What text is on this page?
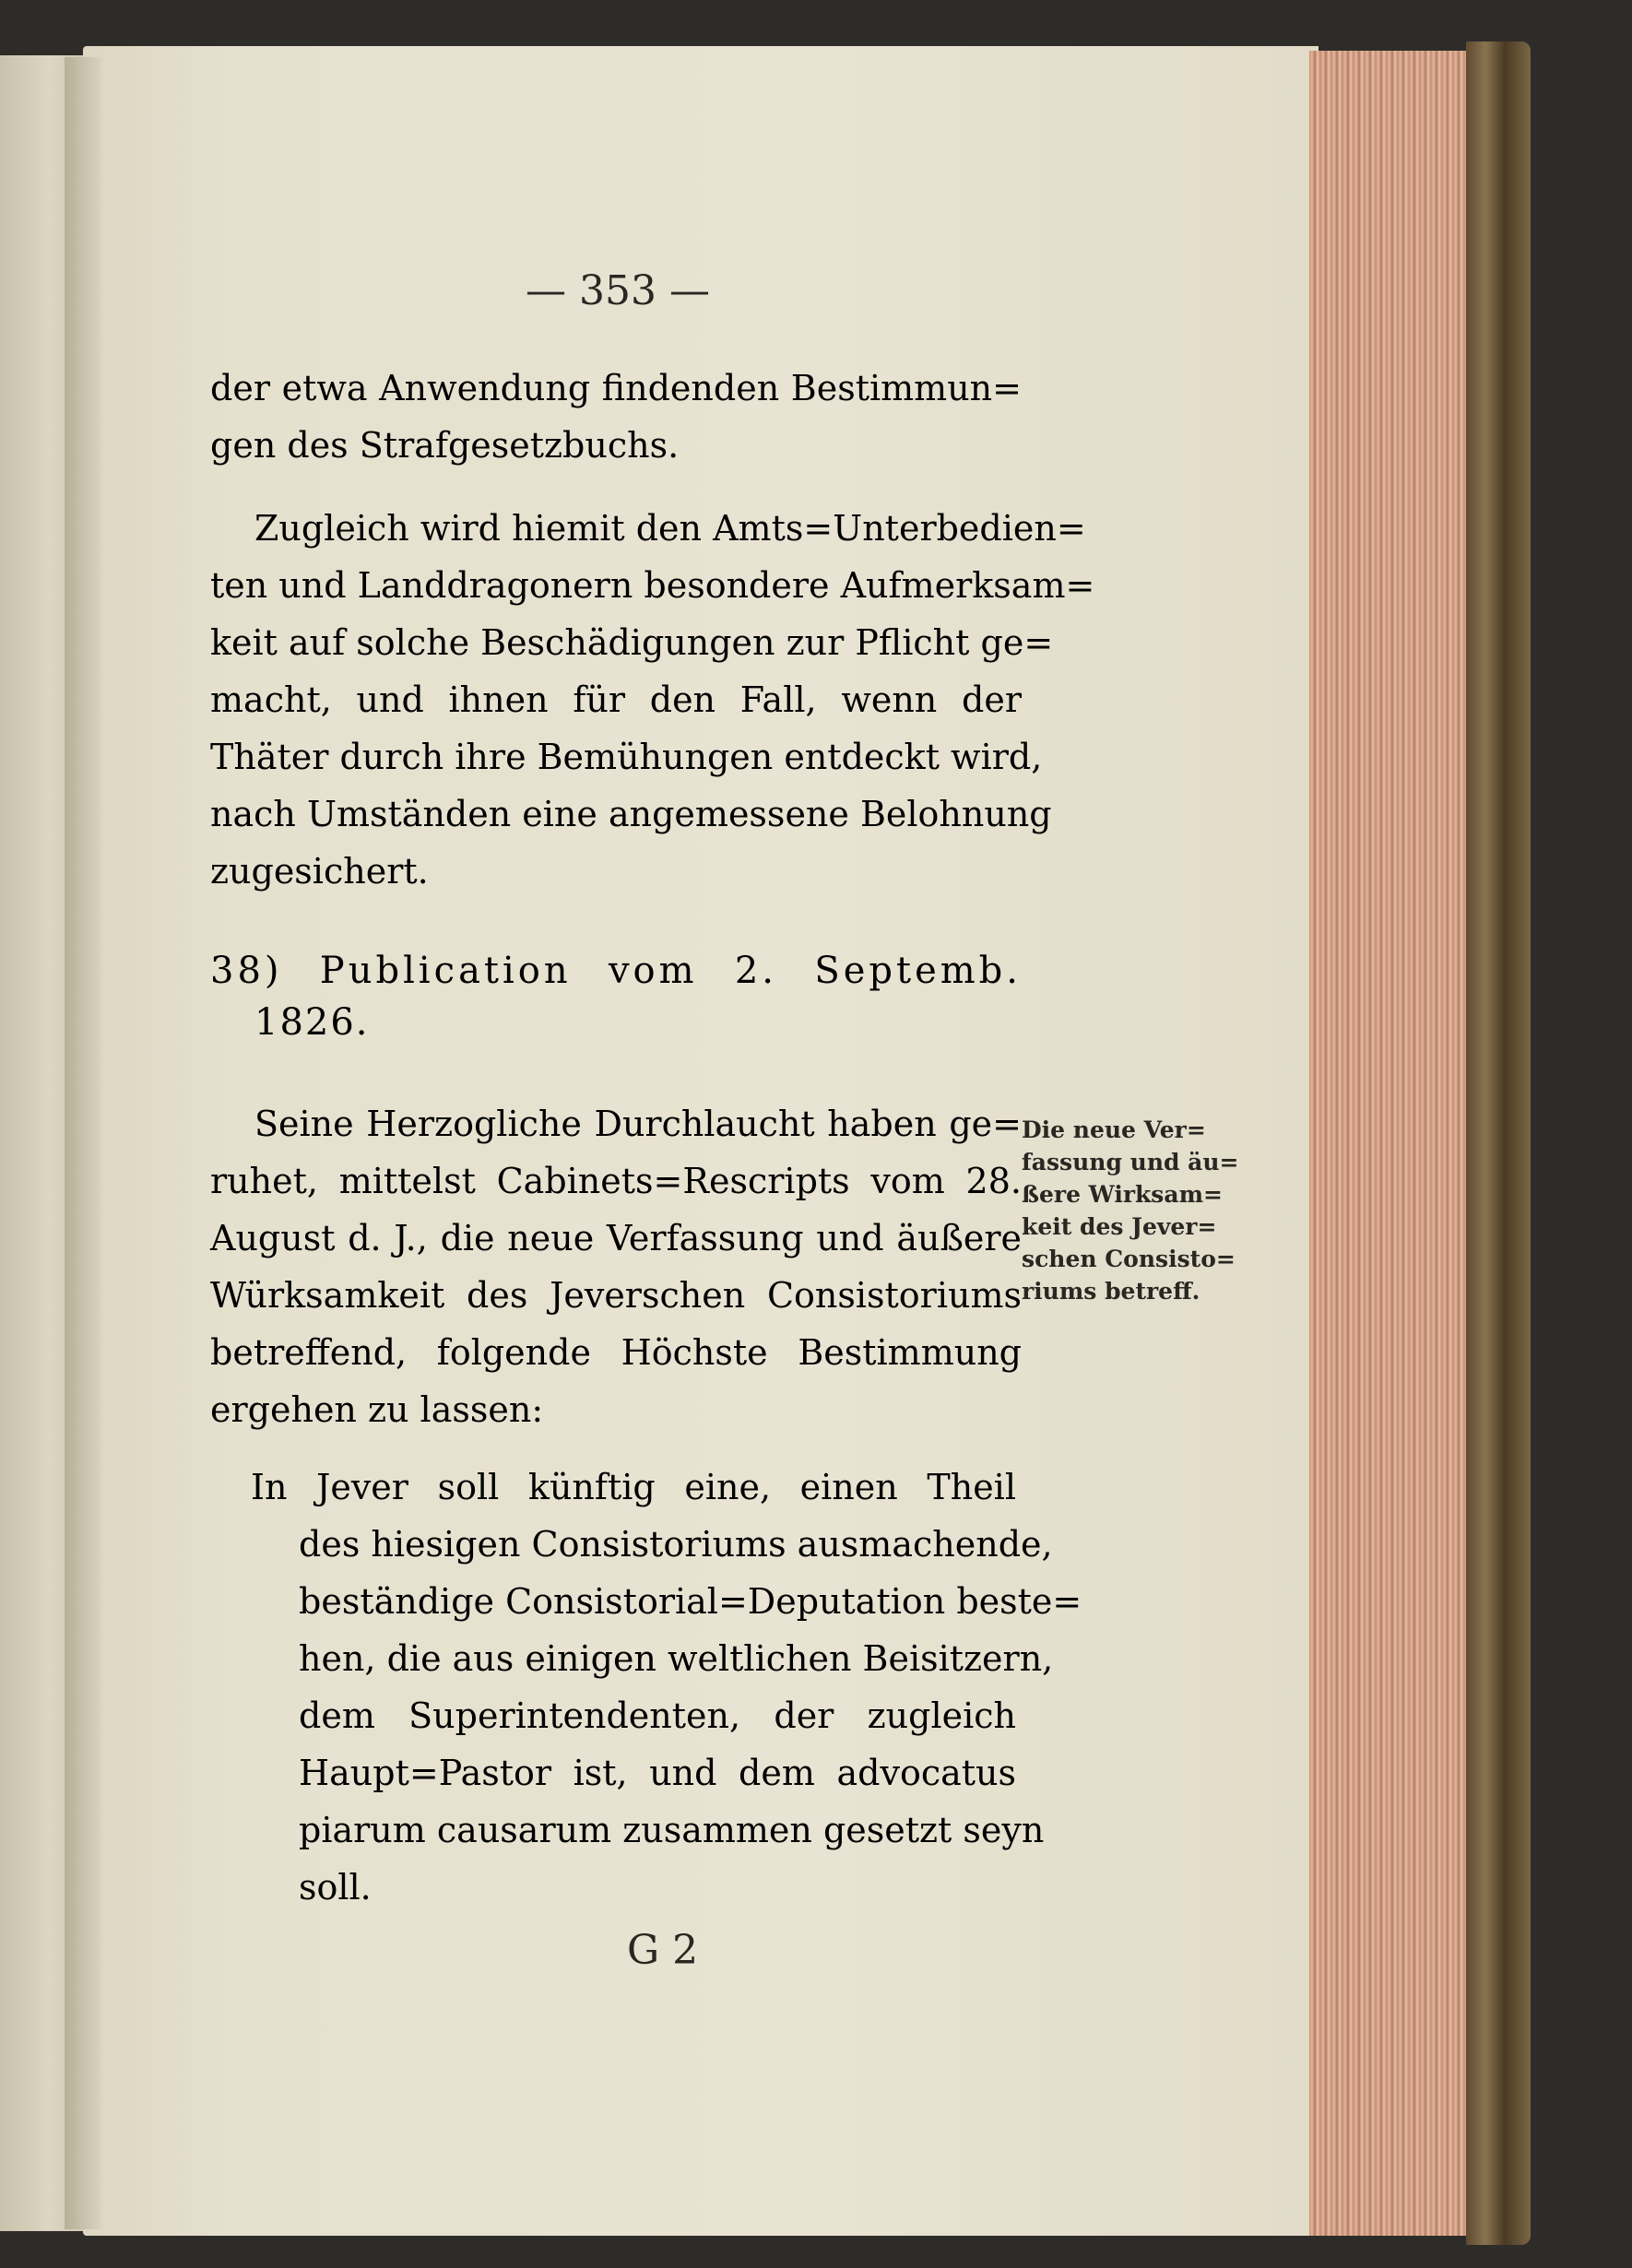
— 353 —
der etwa Anwendung findenden Bestimmun=
gen des Strafgesetzbuchs.
Zugleich wird hiemit den Amts=Unterbedien=
ten und Landdragonern besondere Aufmerksam=
keit auf solche Beschädigungen zur Pflicht ge=
macht, und ihnen für den Fall, wenn der
Thäter durch ihre Bemühungen entdeckt wird,
nach Umständen eine angemessene Belohnung
zugesichert.
38) Publication vom 2. Septemb.
1826.
Seine Herzogliche Durchlaucht haben ge=
ruhet, mittelst Cabinets=Rescripts vom 28.
August d. J., die neue Verfassung und äußere
Würksamkeit des Jeverschen Consistoriums
betreffend, folgende Höchste Bestimmung
ergehen zu lassen:
Die neue Ver=
fassung und äu=
ßere Wirksam=
keit des Jever=
schen Consisto=
riums betreff.
In Jever soll künftig eine, einen Theil
des hiesigen Consistoriums ausmachende,
beständige Consistorial=Deputation beste=
hen, die aus einigen weltlichen Beisitzern,
dem Superintendenten, der zugleich
Haupt=Pastor ist, und dem advocatus
piarum causarum zusammen gesetzt seyn
soll.
G 2
